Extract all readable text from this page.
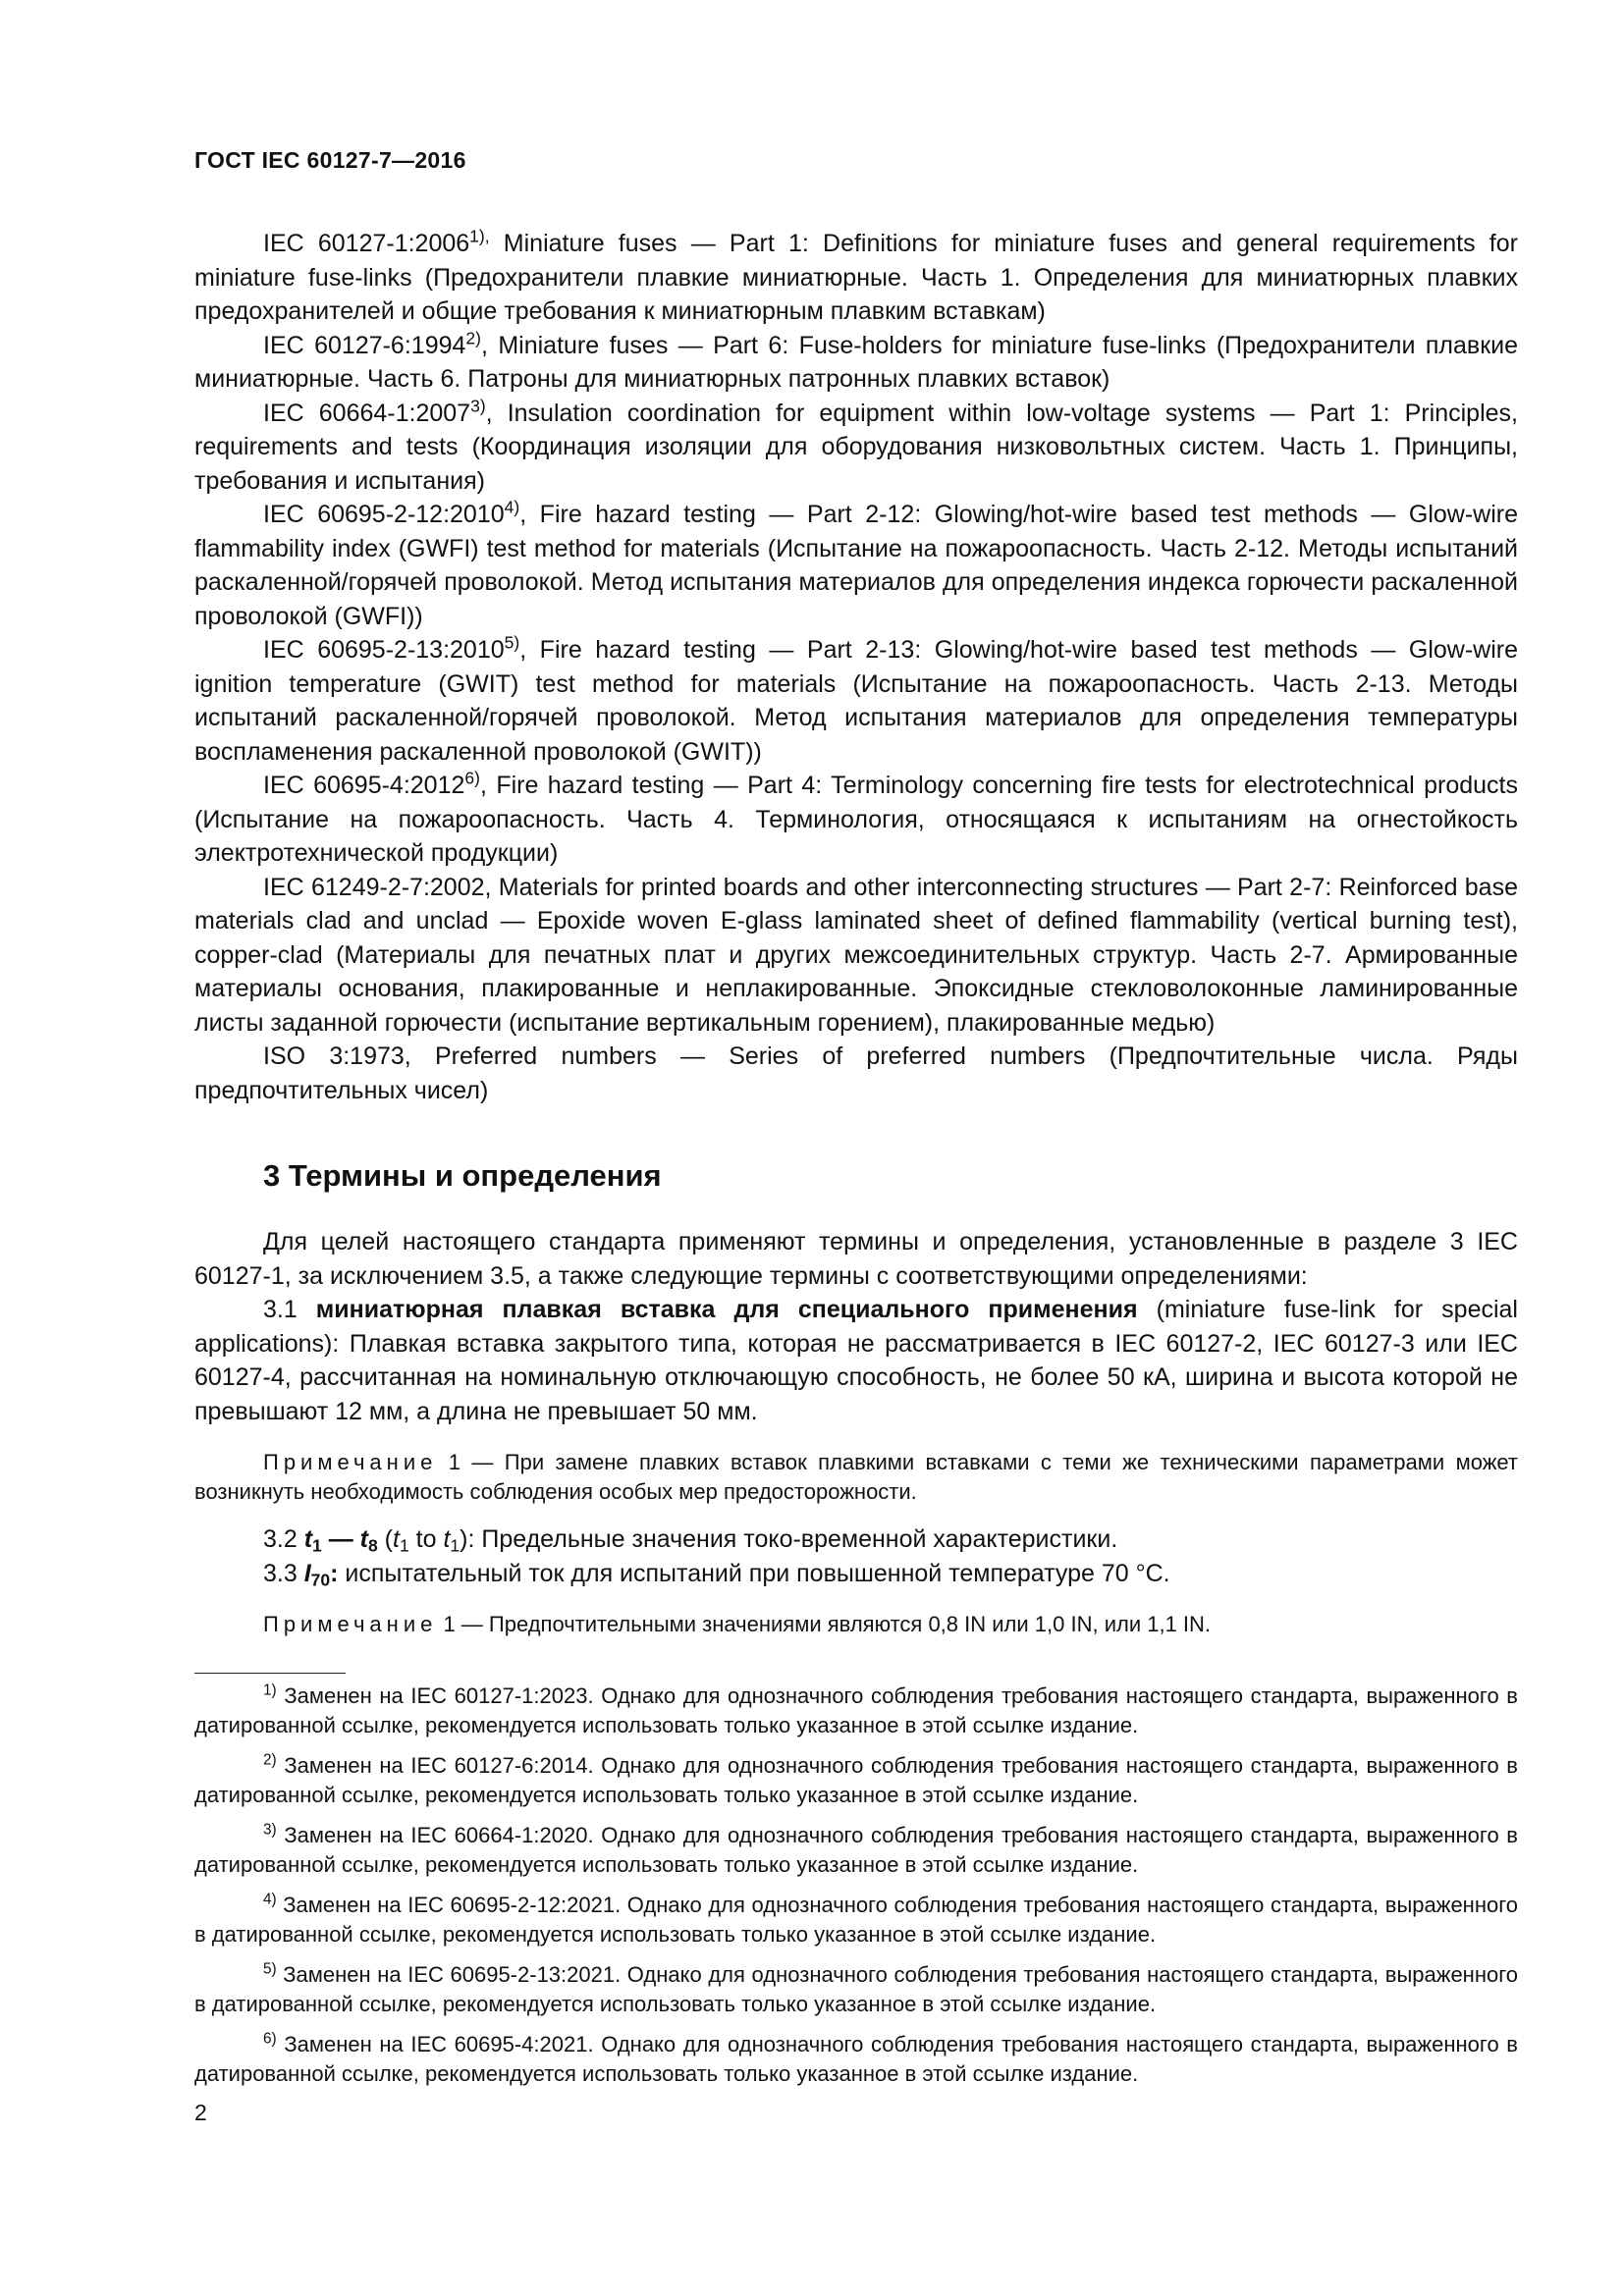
ГОСТ IEC 60127-7—2016

IEC $60127-1:2006^{1),}$ Miniature fuses — Part 1: Definitions for miniature fuses and general requirements for miniature fuse-links (Предохранители плавкие миниатюрные. Часть 1. Определения для миниатюрных плавких предохранителей и общие требования к миниатюрным плавким вставкам)

IEC 60127-6:1994$^{2)}$, Miniature fuses — Part 6: Fuse-holders for miniature fuse-links (Предохранители плавкие миниатюрные. Часть 6. Патроны для миниатюрных патронных плавких вставок)

IEC 60664-1:2007$^{3)}$, Insulation coordination for equipment within low-voltage systems — Part 1: Principles, requirements and tests (Координация изоляции для оборудования низковольтных систем. Часть 1. Принципы, требования и испытания)

IEC 60695-2-12:2010$^{4)}$, Fire hazard testing — Part 2-12: Glowing/hot-wire based test methods — Glow-wire flammability index (GWFI) test method for materials (Испытание на пожароопасность. Часть 2-12. Методы испытаний раскаленной/горячей проволокой. Метод испытания материалов для определения индекса горючести раскаленной проволокой (GWFI))

IEC 60695-2-13:2010$^{5)}$, Fire hazard testing — Part 2-13: Glowing/hot-wire based test methods — Glow-wire ignition temperature (GWIT) test method for materials (Испытание на пожароопасность. Часть 2-13. Методы испытаний раскаленной/горячей проволокой. Метод испытания материалов для определения температуры воспламенения раскаленной проволокой (GWIT))

IEC 60695-4:2012$^{6)}$, Fire hazard testing — Part 4: Terminology concerning fire tests for electrotechnical products (Испытание на пожароопасность. Часть 4. Терминология, относящаяся к испытаниям на огнестойкость электротехнической продукции)

IEC 61249-2-7:2002, Materials for printed boards and other interconnecting structures — Part 2-7: Reinforced base materials clad and unclad — Epoxide woven E-glass laminated sheet of defined flammability (vertical burning test), copper-clad (Материалы для печатных плат и других межсоединительных структур. Часть 2-7. Армированные материалы основания, плакированные и неплакированные. Эпоксидные стекловолоконные ламинированные листы заданной горючести (испытание вертикальным горением), плакированные медью)

ISO 3:1973, Preferred numbers — Series of preferred numbers (Предпочтительные числа. Ряды предпочтительных чисел)

3 Термины и определения

Для целей настоящего стандарта применяют термины и определения, установленные в разделе 3 IEC 60127-1, за исключением 3.5, а также следующие термины с соответствующими определениями:

3.1 миниатюрная плавкая вставка для специального применения (miniature fuse-link for special applications): Плавкая вставка закрытого типа, которая не рассматривается в IEC 60127-2, IEC 60127-3 или IEC 60127-4, рассчитанная на номинальную отключающую способность, не более 50 кА, ширина и высота которой не превышают 12 мм, а длина не превышает 50 мм.

Примечание 1 — При замене плавких вставок плавкими вставками с теми же техническими параметрами может возникнуть необходимость соблюдения особых мер предосторожности.

3.2 $t_1$ — $t_8$ ($t_1$ to $t_1$): Предельные значения токо-временной характеристики.

3.3 $I_{70}$: испытательный ток для испытаний при повышенной температуре 70 °C.

Примечание 1 — Предпочтительными значениями являются 0,8 IN или 1,0 IN, или 1,1 IN.

$^{1)}$ Заменен на IEC 60127-1:2023. Однако для однозначного соблюдения требования настоящего стандарта, выраженного в датированной ссылке, рекомендуется использовать только указанное в этой ссылке издание.

$^{2)}$ Заменен на IEC 60127-6:2014. Однако для однозначного соблюдения требования настоящего стандарта, выраженного в датированной ссылке, рекомендуется использовать только указанное в этой ссылке издание.

$^{3)}$ Заменен на IEC 60664-1:2020. Однако для однозначного соблюдения требования настоящего стандарта, выраженного в датированной ссылке, рекомендуется использовать только указанное в этой ссылке издание.

$^{4)}$ Заменен на IEC 60695-2-12:2021. Однако для однозначного соблюдения требования настоящего стандарта, выраженного в датированной ссылке, рекомендуется использовать только указанное в этой ссылке издание.

$^{5)}$ Заменен на IEC 60695-2-13:2021. Однако для однозначного соблюдения требования настоящего стандарта, выраженного в датированной ссылке, рекомендуется использовать только указанное в этой ссылке издание.

$^{6)}$ Заменен на IEC 60695-4:2021. Однако для однозначного соблюдения требования настоящего стандарта, выраженного в датированной ссылке, рекомендуется использовать только указанное в этой ссылке издание.

2
